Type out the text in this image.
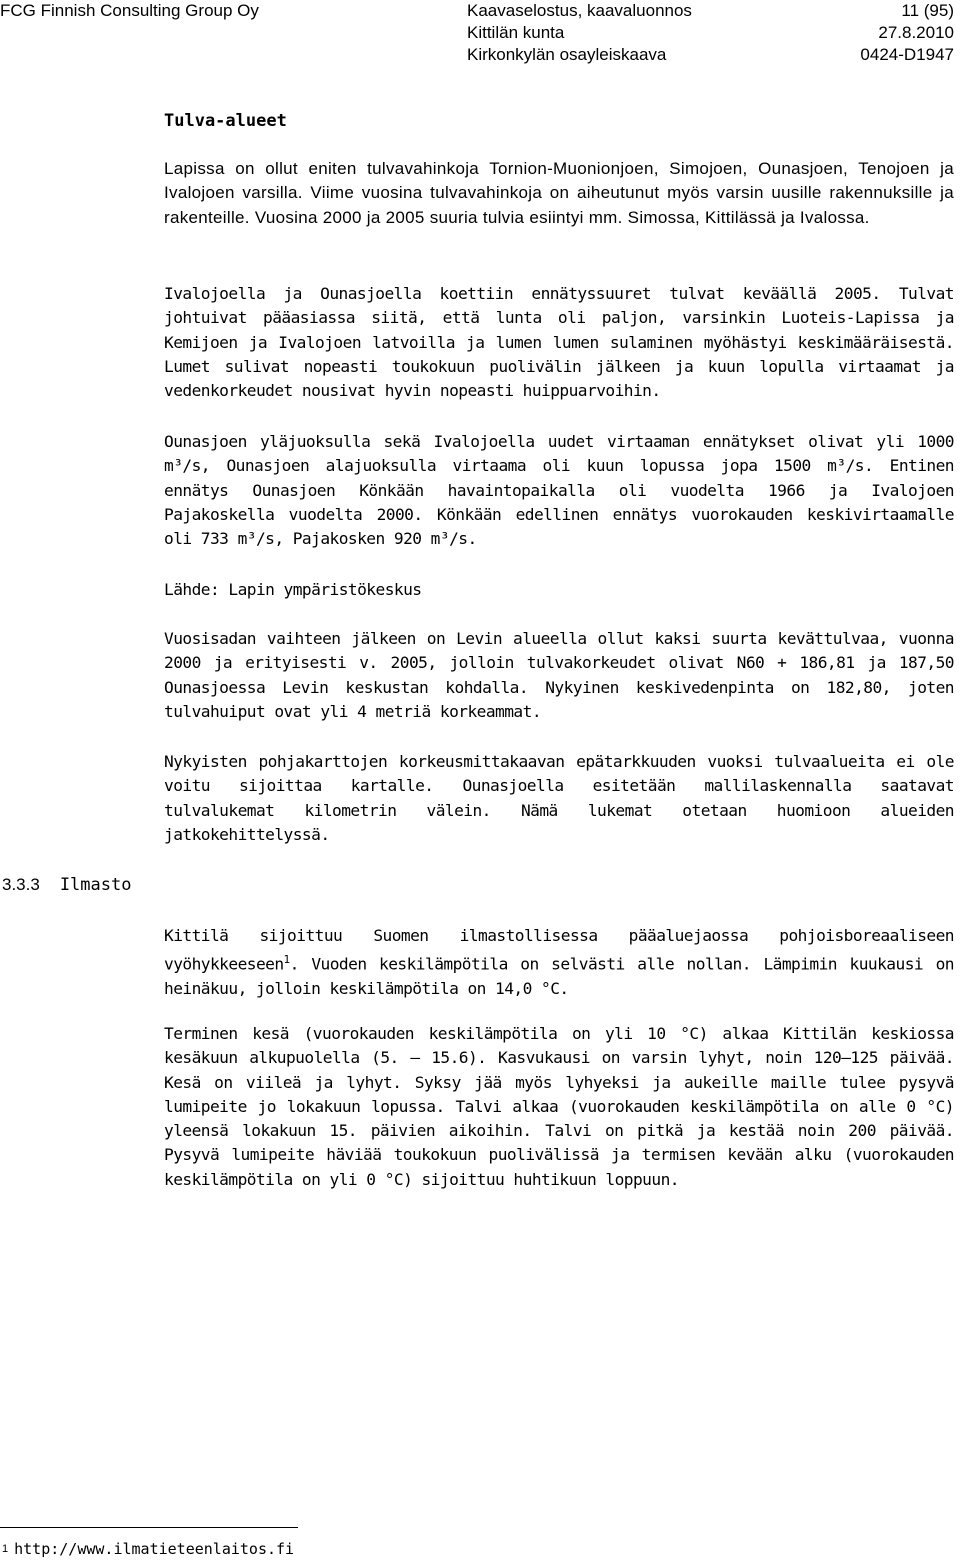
FCG Finnish Consulting Group Oy	Kaavaselostus, kaavaluonnos
Kittilän kunta
Kirkonkylän osayleiskaava
11 (95)
27.8.2010
0424-D1947
Tulva-alueet
Lapissa on ollut eniten tulvavahinkoja Tornion-Muonionjoen, Simojoen, Ounasjoen, Tenojoen ja Ivalojoen varsilla. Viime vuosina tulvavahinkoja on aiheutunut myös varsin uusille rakennuksille ja rakenteille. Vuosina 2000 ja 2005 suuria tulvia esiintyi mm. Simossa, Kittilässä ja Ivalossa.
Ivalojoella ja Ounasjoella koettiin ennätyssuuret tulvat keväällä 2005. Tulvat johtuivat pääasiassa siitä, että lunta oli paljon, varsinkin Luoteis-Lapissa ja Kemijoen ja Ivalojoen latvoilla ja lumen lumen sulaminen myöhästyi keskimääräisestä. Lumet sulivat nopeasti toukokuun puolivälin jälkeen ja kuun lopulla virtaamat ja vedenkorkeudet nousivat hyvin nopeasti huippuarvoihin.
Ounasjoen yläjuoksulla sekä Ivalojoella uudet virtaaman ennätykset olivat yli 1000 m³/s, Ounasjoen alajuoksulla virtaama oli kuun lopussa jopa 1500 m³/s. Entinen ennätys Ounasjoen Könkään havaintopaikalla oli vuodelta 1966 ja Ivalojoen Pajakoskella vuodelta 2000. Könkään edellinen ennätys vuorokauden keskivirtaamalle oli 733 m³/s, Pajakosken 920 m³/s.
Lähde: Lapin ympäristökeskus
Vuosisadan vaihteen jälkeen on Levin alueella ollut kaksi suurta kevättulvaa, vuonna 2000 ja erityisesti v. 2005, jolloin tulvakorkeudet olivat N60 + 186,81 ja 187,50 Ounasjoessa Levin keskustan kohdalla. Nykyinen keskivedenpinta on 182,80, joten tulvahuiput ovat yli 4 metriä korkeammat.
Nykyisten pohjakarttojen korkeusmittakaavan epätarkkuuden vuoksi tulvaalueita ei ole voitu sijoittaa kartalle. Ounasjoella esitetään mallilaskennalla saatavat tulvalukemat kilometrin välein. Nämä lukemat otetaan huomioon alueiden jatkokehittelyssä.
3.3.3 Ilmasto
Kittilä sijoittuu Suomen ilmastollisessa pääaluejaossa pohjoisboreaaliseen vyöhykkeeseen$^1$. Vuoden keskilämpötila on selvästi alle nollan. Lämpimin kuukausi on heinäkuu, jolloin keskilämpötila on 14,0 °C.
Terminen kesä (vuorokauden keskilämpötila on yli 10 °C) alkaa Kittilän keskiossa kesäkuun alkupuolella (5. — 15.6). Kasvukausi on varsin lyhyt, noin 120—125 päivää. Kesä on viileä ja lyhyt. Syksy jää myös lyhyeksi ja aukeille maille tulee pysyvä lumipeite jo lokakuun lopussa. Talvi alkaa (vuorokauden keskilämpötila on alle 0 °C) yleensä lokakuun 15. päivien aikoihin. Talvi on pitkä ja kestää noin 200 päivää. Pysyvä lumipeite häviää toukokuun puolivälissä ja termisen kevään alku (vuorokauden keskilämpötila on yli 0 °C) sijoittuu huhtikuun loppuun.
$^1$ http://www.ilmatieteenlaitos.fi
